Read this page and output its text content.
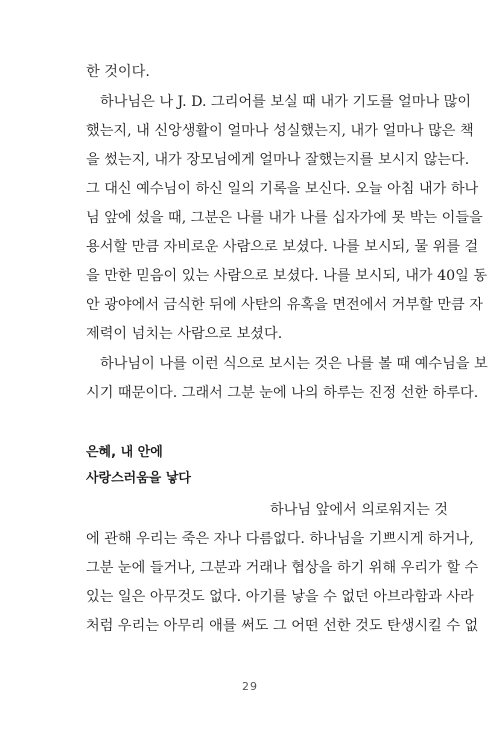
한 것이다.
하나님은 나 J. D. 그리어를 보실 때 내가 기도를 얼마나 많이
했는지, 내 신앙생활이 얼마나 성실했는지, 내가 얼마나 많은 책
을 썼는지, 내가 장모님에게 얼마나 잘했는지를 보시지 않는다.
그 대신 예수님이 하신 일의 기록을 보신다. 오늘 아침 내가 하나
님 앞에 섰을 때, 그분은 나를 내가 나를 십자가에 못 박는 이들을
용서할 만큼 자비로운 사람으로 보셨다. 나를 보시되, 물 위를 걸
을 만한 믿음이 있는 사람으로 보셨다. 나를 보시되, 내가 40일 동
안 광야에서 금식한 뒤에 사탄의 유혹을 면전에서 거부할 만큼 자
제력이 넘치는 사람으로 보셨다.
하나님이 나를 이런 식으로 보시는 것은 나를 볼 때 예수님을 보
시기 때문이다. 그래서 그분 눈에 나의 하루는 진정 선한 하루다.
은혜, 내 안에
사랑스러움을 낳다
하나님 앞에서 의로워지는 것
에 관해 우리는 죽은 자나 다름없다. 하나님을 기쁘시게 하거나,
그분 눈에 들거나, 그분과 거래나 협상을 하기 위해 우리가 할 수
있는 일은 아무것도 없다. 아기를 낳을 수 없던 아브라함과 사라
처럼 우리는 아무리 애를 써도 그 어떤 선한 것도 탄생시킬 수 없
29
